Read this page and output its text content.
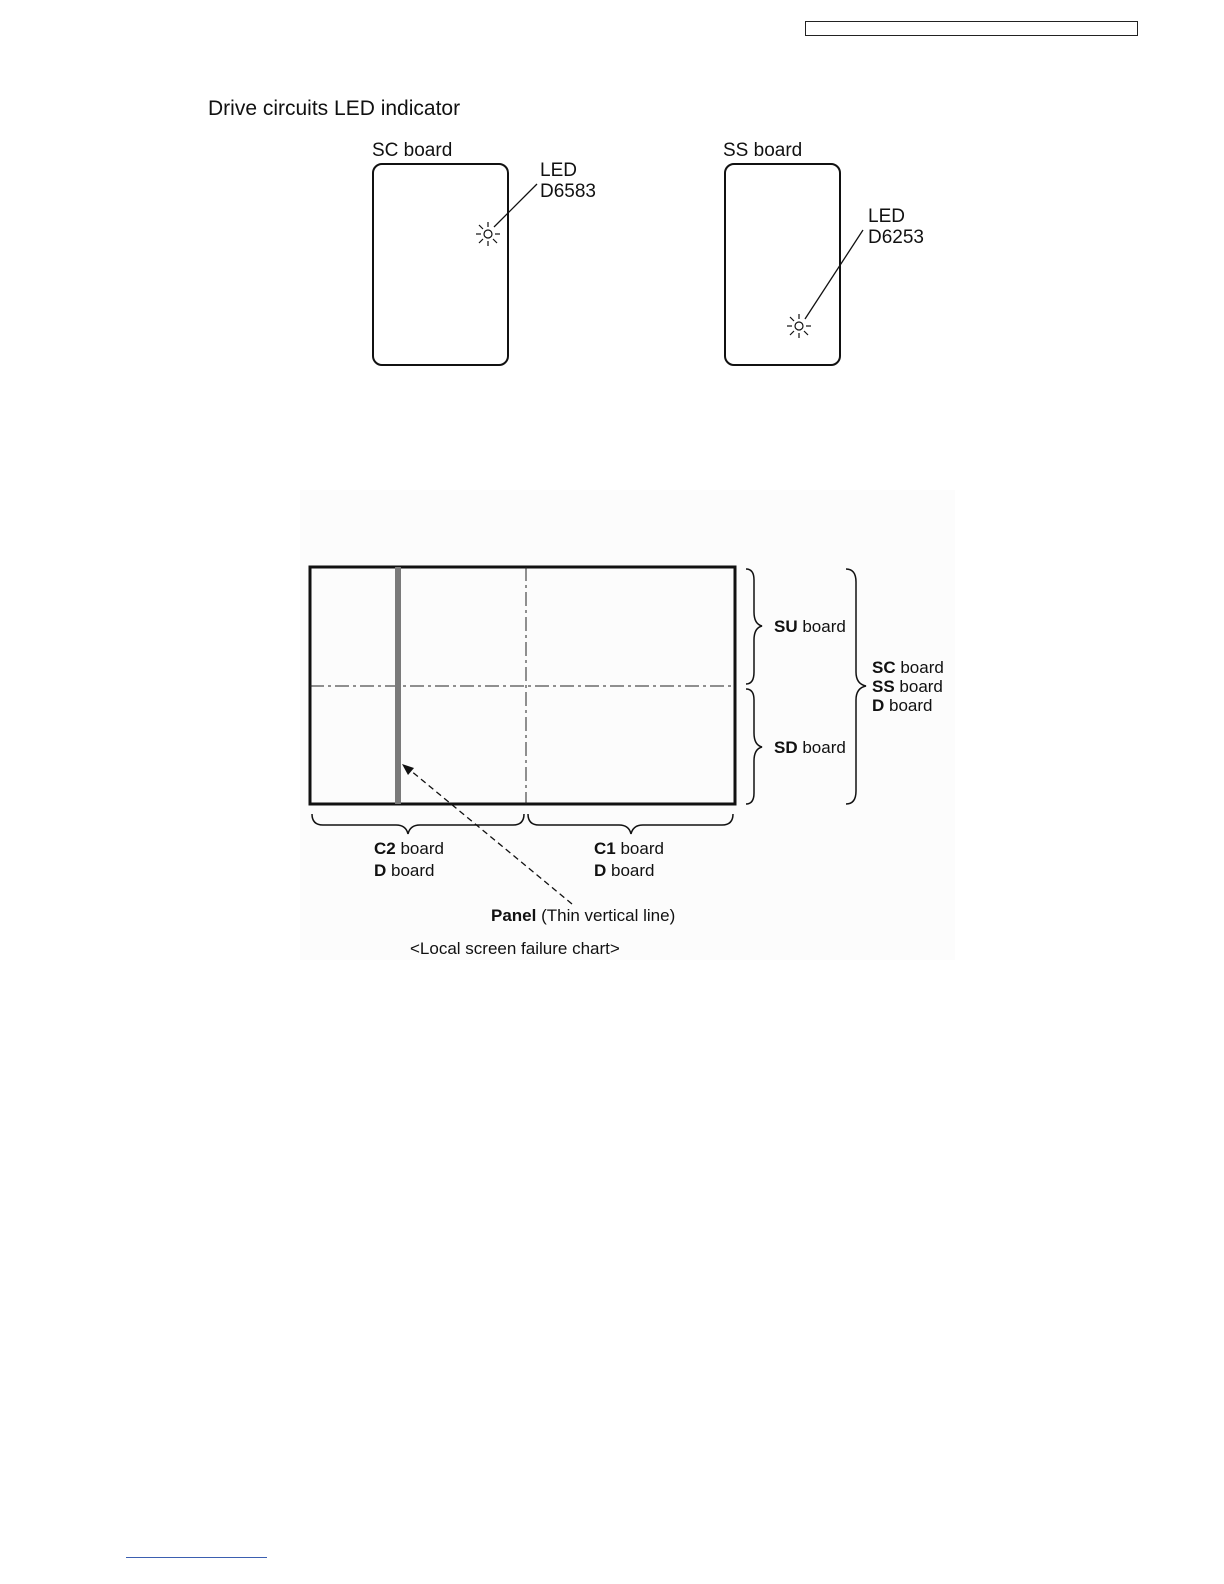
Drive circuits LED indicator
SC board
LED
D6583
SS board
LED
D6253
SU board
SD board
SC board
SS board
D board
C2 board
D board
C1 board
D board
Panel (Thin vertical line)
<Local screen failure chart>
